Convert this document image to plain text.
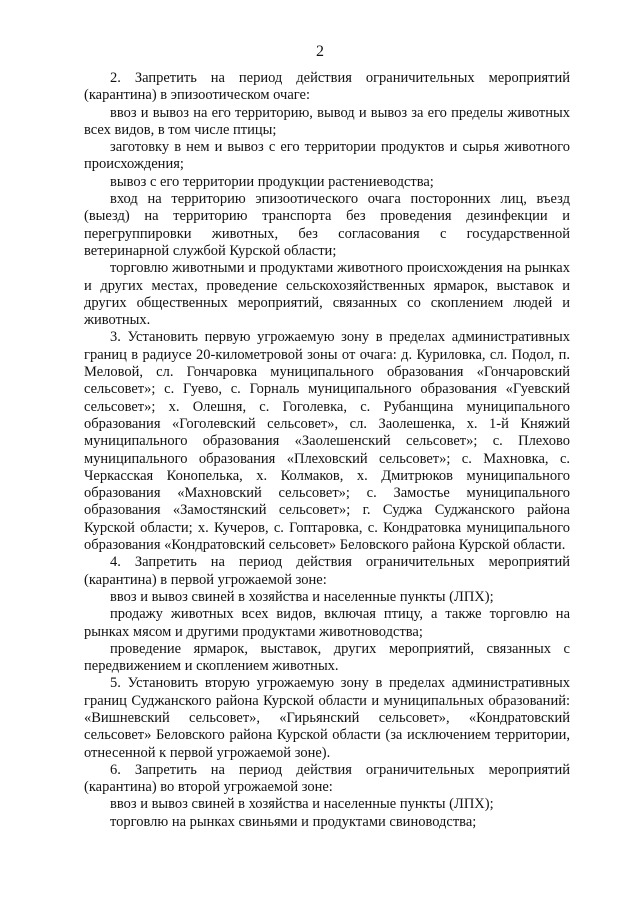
2

2. Запретить на период действия ограничительных мероприятий (карантина) в эпизоотическом очаге:

ввоз и вывоз на его территорию, вывод и вывоз за его пределы животных всех видов, в том числе птицы;

заготовку в нем и вывоз с его территории продуктов и сырья животного происхождения;

вывоз с его территории продукции растениеводства;

вход на территорию эпизоотического очага посторонних лиц, въезд (выезд) на территорию транспорта без проведения дезинфекции и перегруппировки животных, без согласования с государственной ветеринарной службой Курской области;

торговлю животными и продуктами животного происхождения на рынках и других местах, проведение сельскохозяйственных ярмарок, выставок и других общественных мероприятий, связанных со скоплением людей и животных.

3. Установить первую угрожаемую зону в пределах административных границ в радиусе 20-километровой зоны от очага: д. Куриловка, сл. Подол, п. Меловой, сл. Гончаровка муниципального образования «Гончаровский сельсовет»; с. Гуево, с. Горналь муниципального образования «Гуевский сельсовет»; х. Олешня, с. Гоголевка, с. Рубанщина муниципального образования «Гоголевский сельсовет», сл. Заолешенка, х. 1-й Княжий муниципального образования «Заолешенский сельсовет»; с. Плехово муниципального образования «Плеховский сельсовет»; с. Махновка, с. Черкасская Конопелька, х. Колмаков, х. Дмитрюков муниципального образования «Махновский сельсовет»; с. Замостье муниципального образования «Замостянский сельсовет»; г. Суджа Суджанского района Курской области; х. Кучеров, с. Гоптаровка, с. Кондратовка муниципального образования «Кондратовский сельсовет» Беловского района Курской области.

4. Запретить на период действия ограничительных мероприятий (карантина) в первой угрожаемой зоне:

ввоз и вывоз свиней в хозяйства и населенные пункты (ЛПХ);

продажу животных всех видов, включая птицу, а также торговлю на рынках мясом и другими продуктами животноводства;

проведение ярмарок, выставок, других мероприятий, связанных с передвижением и скоплением животных.

5. Установить вторую угрожаемую зону в пределах административных границ Суджанского района Курской области и муниципальных образований: «Вишневский сельсовет», «Гирьянский сельсовет», «Кондратовский сельсовет» Беловского района Курской области (за исключением территории, отнесенной к первой угрожаемой зоне).

6. Запретить на период действия ограничительных мероприятий (карантина) во второй угрожаемой зоне:

ввоз и вывоз свиней в хозяйства и населенные пункты (ЛПХ);

торговлю на рынках свиньями и продуктами свиноводства;
